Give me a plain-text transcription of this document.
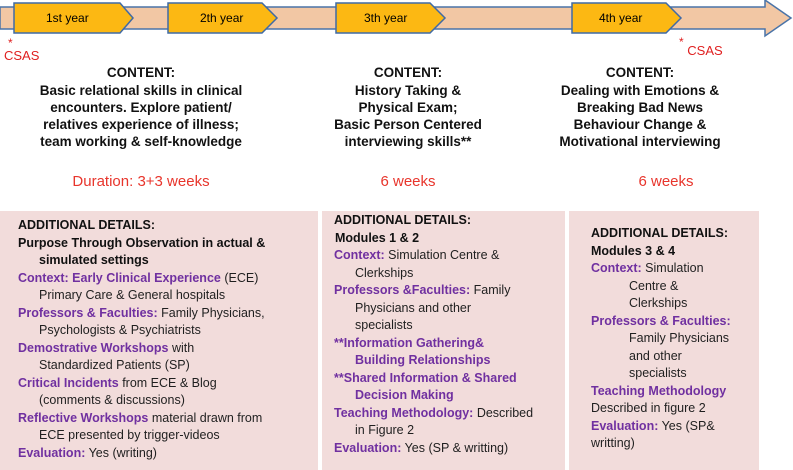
1st year	2th year	3th year	4th year
*
CSAS
* CSAS
CONTENT:
Basic relational skills in clinical
encounters. Explore patient/
relatives experience of illness;
team working & self-knowledge
CONTENT:
History Taking &
Physical Exam;
Basic Person Centered
interviewing skills**
CONTENT:
Dealing with Emotions &
Breaking Bad News
Behaviour Change &
Motivational interviewing
Duration: 3+3 weeks	6 weeks	6 weeks
ADDITIONAL DETAILS:
Purpose Through Observation in actual &
simulated settings
Context: Early Clinical Experience (ECE)
Primary Care & General hospitals
Professors & Faculties: Family Physicians,
Psychologists & Psychiatrists
Demostrative Workshops with
Standardized Patients (SP)
Critical Incidents from ECE & Blog
(comments & discussions)
Reflective Workshops material drawn from
ECE presented by trigger-videos
Evaluation: Yes (writing)
ADDITIONAL DETAILS:
Modules 1 & 2
Context: Simulation Centre &
Clerkships
Professors &Faculties: Family
Physicians and other
specialists
**Information Gathering&
Building Relationships
**Shared Information & Shared
Decision Making
Teaching Methodology: Described
in Figure 2
Evaluation: Yes (SP & writting)
ADDITIONAL DETAILS:
Modules 3 & 4
Context: Simulation
Centre &
Clerkships
Professors & Faculties:
Family Physicians
and other
specialists
Teaching Methodology
Described in figure 2
Evaluation: Yes (SP&
writting)
